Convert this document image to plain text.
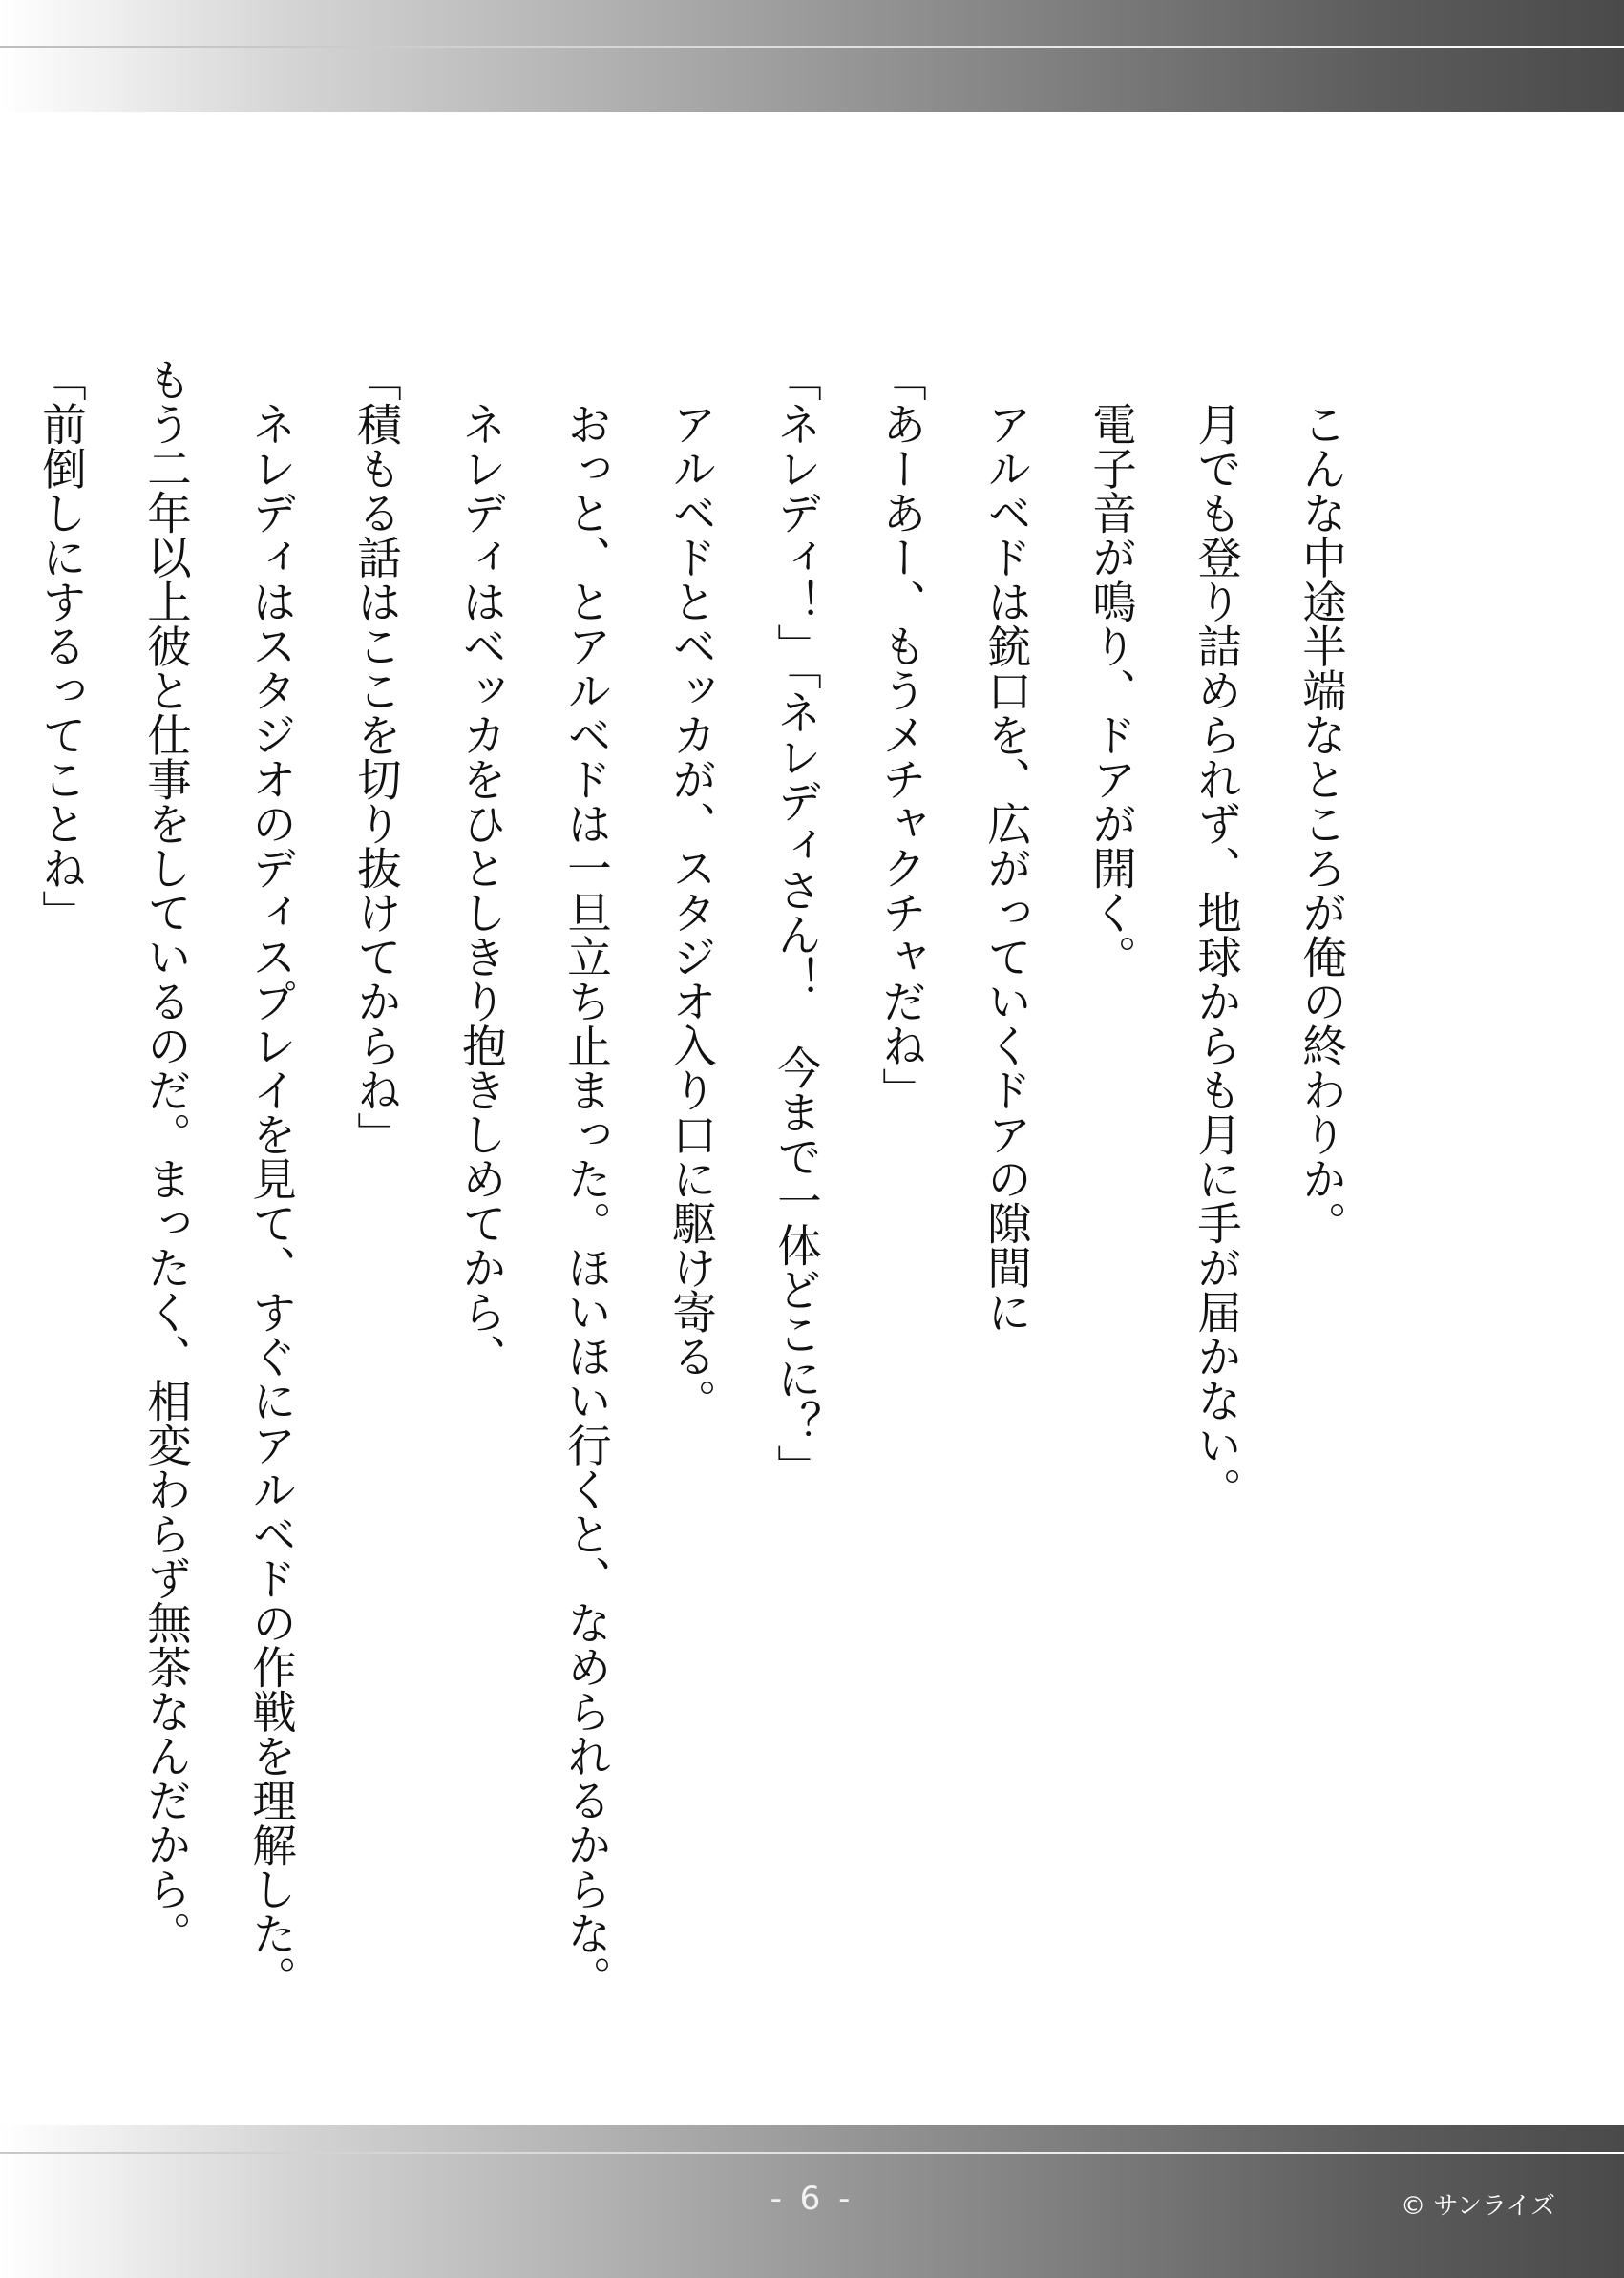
　こんな中途半端なところが俺の終わりか。

　月でも登り詰められず、地球からも月に手が届かない。

　電子音が鳴り、ドアが開く。

　アルベドは銃口を、広がっていくドアの隙間に

「あーあー、もうメチャクチャだね」

「ネレディ！」「ネレディさん！　今まで一体どこに？」

　アルベドとベッカが、スタジオ入り口に駆け寄る。

　おっと、とアルベドは一旦立ち止まった。ほいほい行くと、なめられるからな。

　ネレディはベッカをひとしきり抱きしめてから、

「積もる話はここを切り抜けてからね」

　ネレディはスタジオのディスプレイを見て、すぐにアルベドの作戦を理解した。

もう二年以上彼と仕事をしているのだ。まったく、相変わらず無茶なんだから。

「前倒しにするってことね」

- 6 -	© サンライズ
